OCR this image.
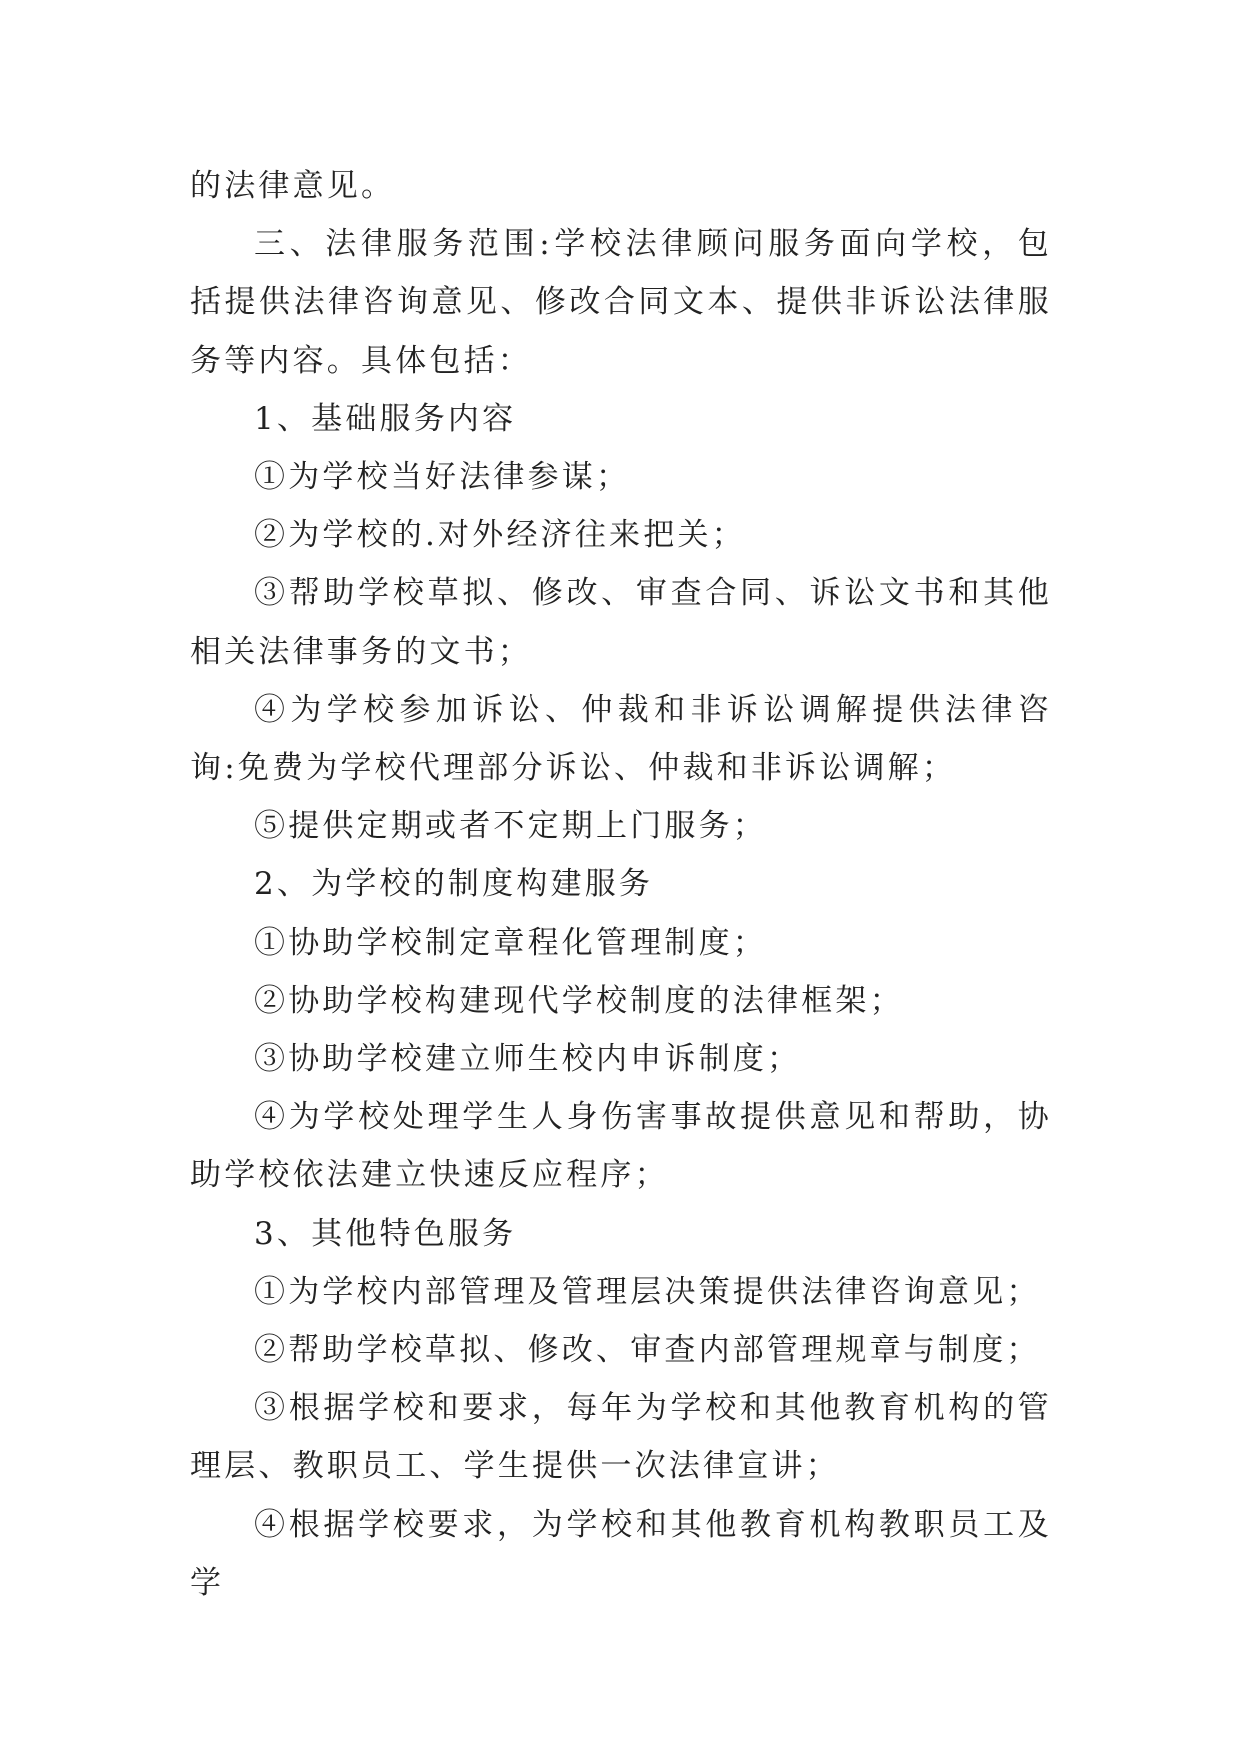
的法律意见。

三、法律服务范围:学校法律顾问服务面向学校，包括提供法律咨询意见、修改合同文本、提供非诉讼法律服务等内容。具体包括：

1、基础服务内容

①为学校当好法律参谋；

②为学校的.对外经济往来把关；

③帮助学校草拟、修改、审查合同、诉讼文书和其他相关法律事务的文书；

④为学校参加诉讼、仲裁和非诉讼调解提供法律咨询:免费为学校代理部分诉讼、仲裁和非诉讼调解；

⑤提供定期或者不定期上门服务；

2、为学校的制度构建服务

①协助学校制定章程化管理制度；

②协助学校构建现代学校制度的法律框架；

③协助学校建立师生校内申诉制度；

④为学校处理学生人身伤害事故提供意见和帮助，协助学校依法建立快速反应程序；

3、其他特色服务

①为学校内部管理及管理层决策提供法律咨询意见；

②帮助学校草拟、修改、审查内部管理规章与制度；

③根据学校和要求，每年为学校和其他教育机构的管理层、教职员工、学生提供一次法律宣讲；

④根据学校要求，为学校和其他教育机构教职员工及学
